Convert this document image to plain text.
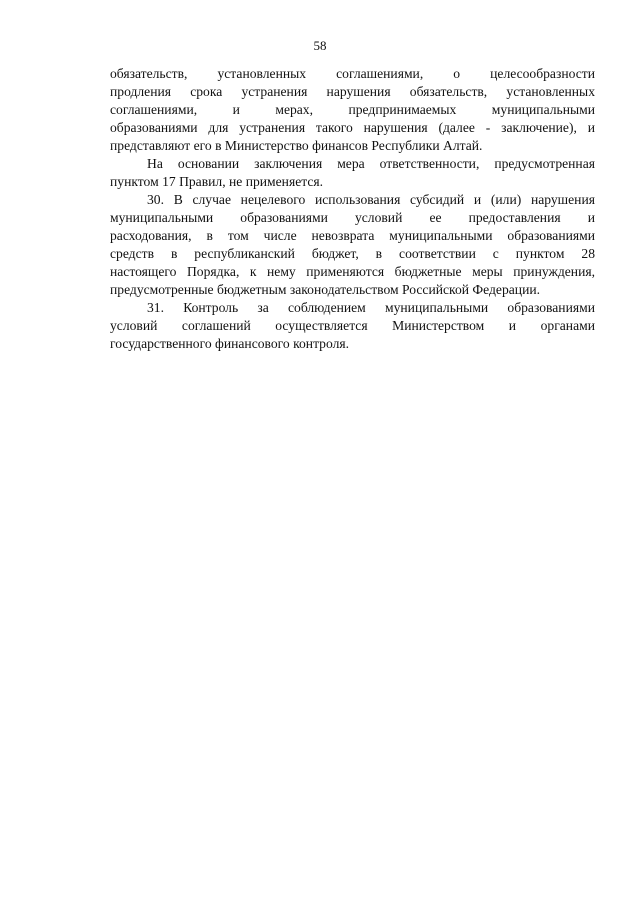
58
обязательств, установленных соглашениями, о целесообразности
продления срока устранения нарушения обязательств, установленных
соглашениями, и мерах, предпринимаемых муниципальными
образованиями для устранения такого нарушения (далее - заключение), и
представляют его в Министерство финансов Республики Алтай.
На основании заключения мера ответственности, предусмотренная
пунктом 17 Правил, не применяется.
30. В случае нецелевого использования субсидий и (или) нарушения
муниципальными образованиями условий ее предоставления и
расходования, в том числе невозврата муниципальными образованиями
средств в республиканский бюджет, в соответствии с пунктом 28
настоящего Порядка, к нему применяются бюджетные меры принуждения,
предусмотренные бюджетным законодательством Российской Федерации.
31. Контроль за соблюдением муниципальными образованиями
условий соглашений осуществляется Министерством и органами
государственного финансового контроля.
